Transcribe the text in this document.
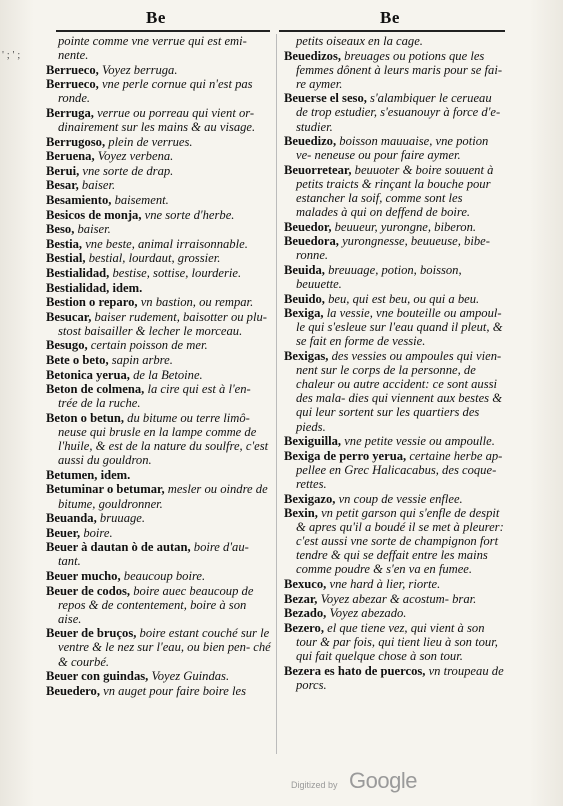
Be	Be
' ; ' ;
pointe comme vne verrue qui est emi- nente.
Berrueco, Voyez berruga.
Berrueco, vne perle cornue qui n'est pas ronde.
Berruga, verrue ou porreau qui vient or- dinairement sur les mains & au visage.
Berrugoso, plein de verrues.
Beruena, Voyez verbena.
Berui, vne sorte de drap.
Besar, baiser.
Besamiento, baisement.
Besicos de monja, vne sorte d'herbe.
Beso, baiser.
Bestia, vne beste, animal irraisonnable.
Bestial, bestial, lourdaut, grossier.
Bestialidad, bestise, sottise, lourderie.
Bestialidad, idem.
Bestion o reparo, vn bastion, ou rempar.
Besucar, baiser rudement, baisotter ou plu- stost baisailler & lecher le morceau.
Besugo, certain poisson de mer.
Bete o beto, sapin arbre.
Betonica yerua, de la Betoine.
Beton de colmena, la cire qui est à l'en- trée de la ruche.
Beton o betun, du bitume ou terre limô- neuse qui brusle en la lampe comme de l'huile, & est de la nature du soulfre, c'est aussi du gouldron.
Betumen, idem.
Betuminar o betumar, mesler ou oindre de bitume, gouldronner.
Beuanda, bruuage.
Beuer, boire.
Beuer à dautan ò de autan, boire d'au- tant.
Beuer mucho, beaucoup boire.
Beuer de codos, boire auec beaucoup de repos & de contentement, boire à son aise.
Beuer de bruços, boire estant couché sur le ventre & le nez sur l'eau, ou bien pen- ché & courbé.
Beuer con guindas, Voyez Guindas.
Beuedero, vn auget pour faire boire les
petits oiseaux en la cage.
Beuedizos, breuages ou potions que les femmes dônent à leurs maris pour se fai- re aymer.
Beuerse el seso, s'alambiquer le cerueau de trop estudier, s'esuanouyr à force d'e- studier.
Beuedizo, boisson mauuaise, vne potion ve- neneuse ou pour faire aymer.
Beuorretear, beuuoter & boire souuent à petits traicts & rinçant la bouche pour estancher la soif, comme sont les malades à qui on deffend de boire.
Beuedor, beuueur, yurongne, biberon.
Beuedora, yurongnesse, beuueuse, bibe- ronne.
Beuida, breuuage, potion, boisson, beuuette.
Beuido, beu, qui est beu, ou qui a beu.
Bexiga, la vessie, vne bouteille ou ampoul- le qui s'esleue sur l'eau quand il pleut, & se fait en forme de vessie.
Bexigas, des vessies ou ampoules qui vien- nent sur le corps de la personne, de chaleur ou autre accident: ce sont aussi des mala- dies qui viennent aux bestes & qui leur sortent sur les quartiers des pieds.
Bexiguilla, vne petite vessie ou ampoulle.
Bexiga de perro yerua, certaine herbe ap- pellee en Grec Halicacabus, des coque- rettes.
Bexigazo, vn coup de vessie enflee.
Bexin, vn petit garson qui s'enfle de despit & apres qu'il a boudé il se met à pleurer: c'est aussi vne sorte de champignon fort tendre & qui se deffait entre les mains comme poudre & s'en va en fumee.
Bexuco, vne hard à lier, riorte.
Bezar, Voyez abezar & acostum- brar.
Bezado, Voyez abezado.
Bezero, el que tiene vez, qui vient à son tour & par fois, qui tient lieu à son tour, qui fait quelque chose à son tour.
Bezera es hato de puercos, vn troupeau de porcs.
Digitized by Google
